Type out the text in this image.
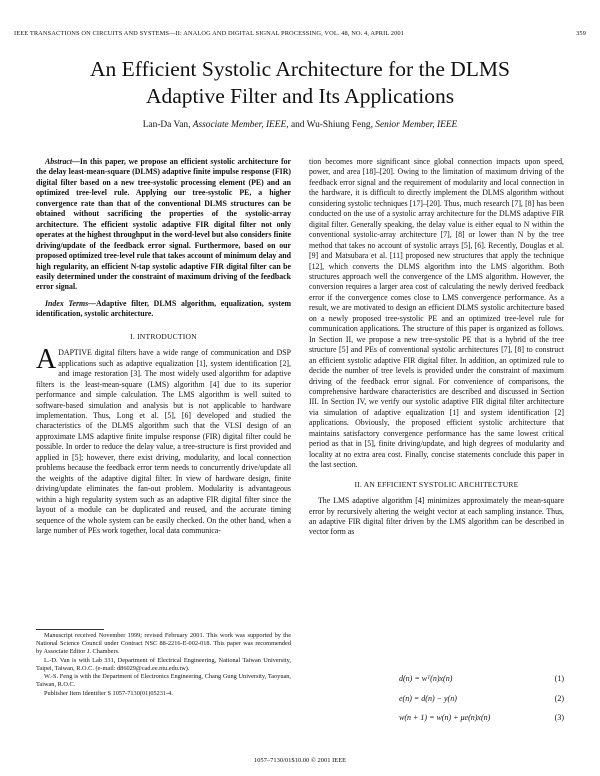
IEEE TRANSACTIONS ON CIRCUITS AND SYSTEMS—II: ANALOG AND DIGITAL SIGNAL PROCESSING, VOL. 48, NO. 4, APRIL 2001	359
An Efficient Systolic Architecture for the DLMS
Adaptive Filter and Its Applications
Lan-Da Van, Associate Member, IEEE, and Wu-Shiung Feng, Senior Member, IEEE

Abstract—In this paper, we propose an efficient systolic architecture for the delay least-mean-square (DLMS) adaptive finite impulse response (FIR) digital filter based on a new tree-systolic processing element (PE) and an optimized tree-level rule. Applying our tree-systolic PE, a higher convergence rate than that of the conventional DLMS structures can be obtained without sacrificing the properties of the systolic-array architecture. The efficient systolic adaptive FIR digital filter not only operates at the highest throughput in the word-level but also considers finite driving/update of the feedback error signal. Furthermore, based on our proposed optimized tree-level rule that takes account of minimum delay and high regularity, an efficient N-tap systolic adaptive FIR digital filter can be easily determined under the constraint of maximum driving of the feedback error signal.

Index Terms—Adaptive filter, DLMS algorithm, equalization, system identification, systolic architecture.

I. INTRODUCTION

ADAPTIVE digital filters have a wide range of communication and DSP applications such as adaptive equalization [1], system identification [2], and image restoration [3]. The most widely used algorithm for adaptive filters is the least-mean-square (LMS) algorithm [4] due to its superior performance and simple calculation. The LMS algorithm is well suited to software-based simulation and analysis but is not applicable to hardware implementation. Thus, Long et al. [5], [6] developed and studied the characteristics of the DLMS algorithm such that the VLSI design of an approximate LMS adaptive finite impulse response (FIR) digital filter could be possible. In order to reduce the delay value, a tree-structure is first provided and applied in [5]; however, there exist driving, modularity, and local connection problems because the feedback error term needs to concurrently drive/update all the weights of the adaptive digital filter. In view of hardware design, finite driving/update eliminates the fan-out problem. Modularity is advantageous within a high regularity system such as an adaptive FIR digital filter since the layout of a module can be duplicated and reused, and the accurate timing sequence of the whole system can be easily checked. On the other hand, when a large number of PEs work together, local data communica-

Manuscript received November 1999; revised February 2001. This work was supported by the National Science Council under Contract NSC 88-2216-E-002-018. This paper was recommended by Associate Editor J. Chambers.

L.-D. Van is with Lab 331, Department of Electrical Engineering, National Taiwan University, Taipei, Taiwan, R.O.C. (e-mail: d86029@cad.ee.ntu.edu.tw).

W.-S. Feng is with the Department of Electronics Engineering, Chang Gung University, Taoyuan, Taiwan, R.O.C.

Publisher Item Identifier S 1057-7130(01)05231-4.

tion becomes more significant since global connection impacts upon speed, power, and area [18]–[20]. Owing to the limitation of maximum driving of the feedback error signal and the requirement of modularity and local connection in the hardware, it is difficult to directly implement the DLMS algorithm without considering systolic techniques [17]–[20]. Thus, much research [7], [8] has been conducted on the use of a systolic array architecture for the DLMS adaptive FIR digital filter. Generally speaking, the delay value is either equal to N within the conventional systolic-array architecture [7], [8] or lower than N by the tree method that takes no account of systolic arrays [5], [6]. Recently, Douglas et al. [9] and Matsubara et al. [11] proposed new structures that apply the technique [12], which converts the DLMS algorithm into the LMS algorithm. Both structures approach well the convergence of the LMS algorithm. However, the conversion requires a larger area cost of calculating the newly derived feedback error if the convergence comes close to LMS convergence performance. As a result, we are motivated to design an efficient DLMS systolic architecture based on a newly proposed tree-systolic PE and an optimized tree-level rule for communication applications. The structure of this paper is organized as follows. In Section II, we propose a new tree-systolic PE that is a hybrid of the tree structure [5] and PEs of conventional systolic architectures [7], [8] to construct an efficient systolic adaptive FIR digital filter. In addition, an optimized rule to decide the number of tree levels is provided under the constraint of maximum driving of the feedback error signal. For convenience of comparisons, the comprehensive hardware characteristics are described and discussed in Section III. In Section IV, we verify our systolic adaptive FIR digital filter architecture via simulation of adaptive equalization [1] and system identification [2] applications. Obviously, the proposed efficient systolic architecture that maintains satisfactory convergence performance has the same lowest critical period as that in [5], finite driving/update, and high degrees of modularity and locality at no extra area cost. Finally, concise statements conclude this paper in the last section.

II. AN EFFICIENT SYSTOLIC ARCHITECTURE

The LMS adaptive algorithm [4] minimizes approximately the mean-square error by recursively altering the weight vector at each sampling instance. Thus, an adaptive FIR digital filter driven by the LMS algorithm can be described in vector form as

d(n) = wᵀ(n)x(n)	(1)
e(n) = d(n) − y(n)	(2)
w(n + 1) = w(n) + μe(n)x(n)	(3)
1057–7130/01$10.00 © 2001 IEEE
